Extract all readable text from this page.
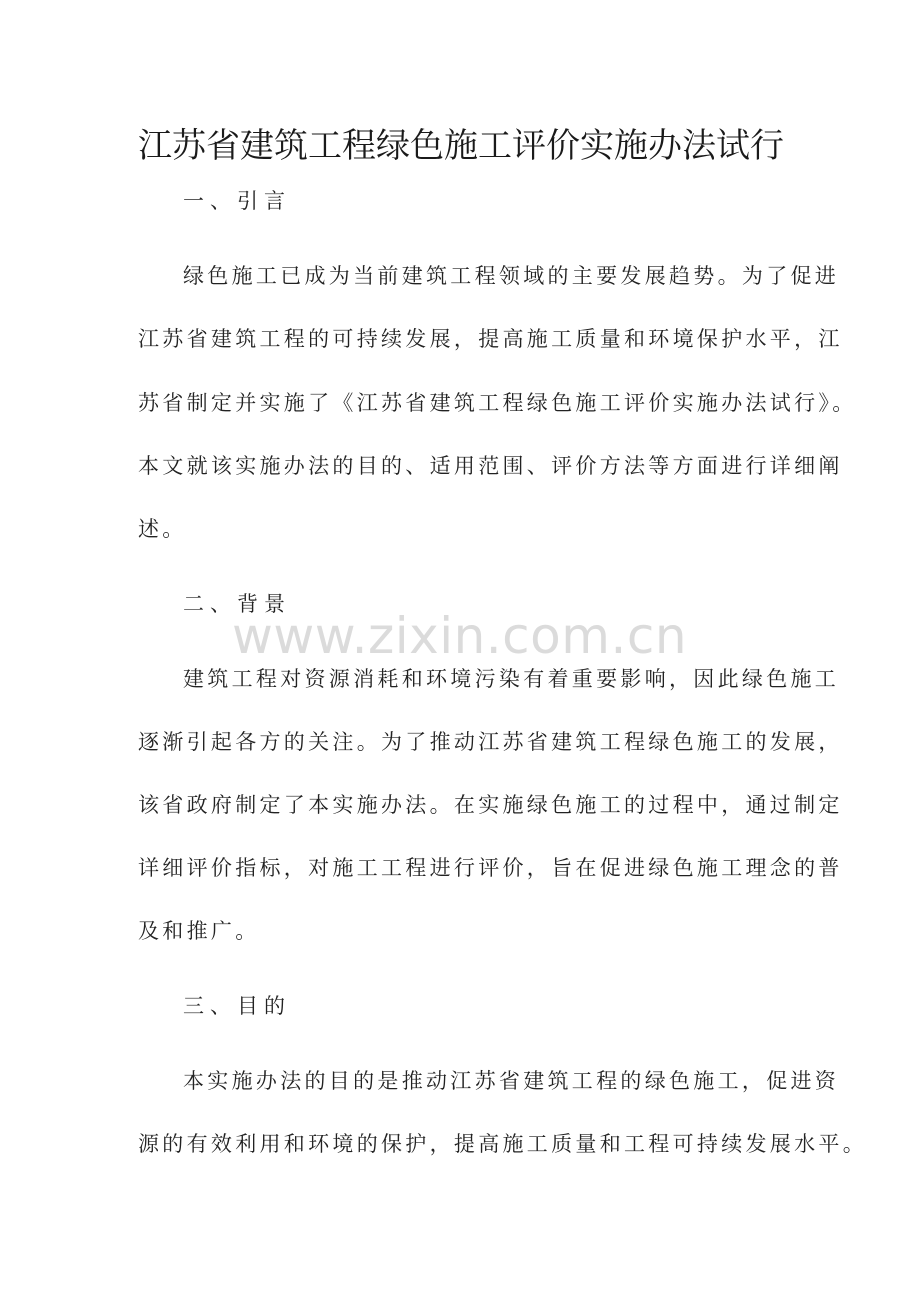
江苏省建筑工程绿色施工评价实施办法试行

一、引言

绿色施工已成为当前建筑工程领域的主要发展趋势。为了促进

江苏省建筑工程的可持续发展，提高施工质量和环境保护水平，江

苏省制定并实施了《江苏省建筑工程绿色施工评价实施办法试行》。

本文就该实施办法的目的、适用范围、评价方法等方面进行详细阐

述。

二、背景

建筑工程对资源消耗和环境污染有着重要影响，因此绿色施工

逐渐引起各方的关注。为了推动江苏省建筑工程绿色施工的发展，

该省政府制定了本实施办法。在实施绿色施工的过程中，通过制定

详细评价指标，对施工工程进行评价，旨在促进绿色施工理念的普

及和推广。

三、目的

本实施办法的目的是推动江苏省建筑工程的绿色施工，促进资

源的有效利用和环境的保护，提高施工质量和工程可持续发展水平。

www.zixin.com.cn
